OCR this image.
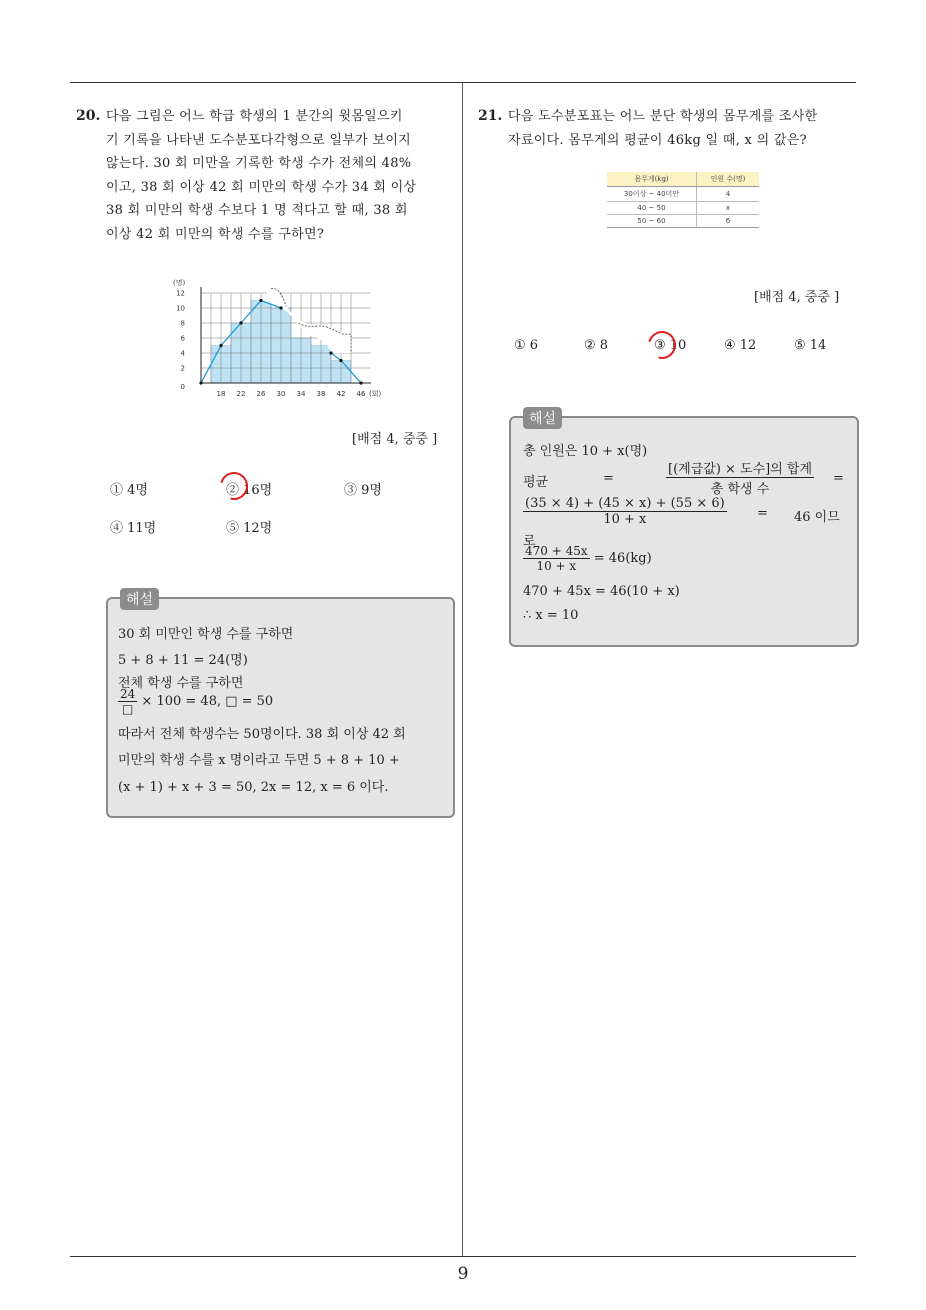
9
20. 다음 그림은 어느 학급 학생의 1 분간의 윗몸일으키
기 기록을 나타낸 도수분포다각형으로 일부가 보이지
않는다. 30 회 미만을 기록한 학생 수가 전체의 48%
이고, 38 회 이상 42 회 미만의 학생 수가 34 회 이상
38 회 미만의 학생 수보다 1 명 적다고 할 때, 38 회
이상 42 회 미만의 학생 수를 구하면?
2
4
6
8
10
12
0
18 22 26 30 34 38 42 46
(명)
(회)
[배점 4, 중중 ]
① 4명	② 16명	③ 9명
④ 11명	⑤ 12명
해설
30 회 미만인 학생 수를 구하면
5 + 8 + 11 = 24(명)
전체 학생 수를 구하면
$\frac{24}{□} \times 100 = 48$, □ = 50
따라서 전체 학생수는 50명이다. 38 회 이상 42 회
미만의 학생 수를 x 명이라고 두면 5 + 8 + 10 +
(x + 1) + x + 3 = 50, 2x = 12, x = 6 이다.
21. 다음 도수분포표는 어느 분단 학생의 몸무게를 조사한
자료이다. 몸무게의 평균이 46kg 일 때, x 의 값은?
몸무게(kg)	인원 수(명)
30이상 ~ 40미만	4
40 ~ 50	x
50 ~ 60	6
[배점 4, 중중 ]
① 6	② 8	③ 10	④ 12	⑤ 14
해설
총 인원은 10 + x(명)
평균	=	$\frac{\text{[(계급값) × 도수]의 합계}}{\text{총 학생 수}}$ =
$\frac{(35 \times 4) + (45 \times x) + (55 \times 6)}{10 + x} = 46$ 이므
로
$\frac{470 + 45x}{10 + x} = 46(kg)$
470 + 45x = 46(10 + x)
∴ x = 10
